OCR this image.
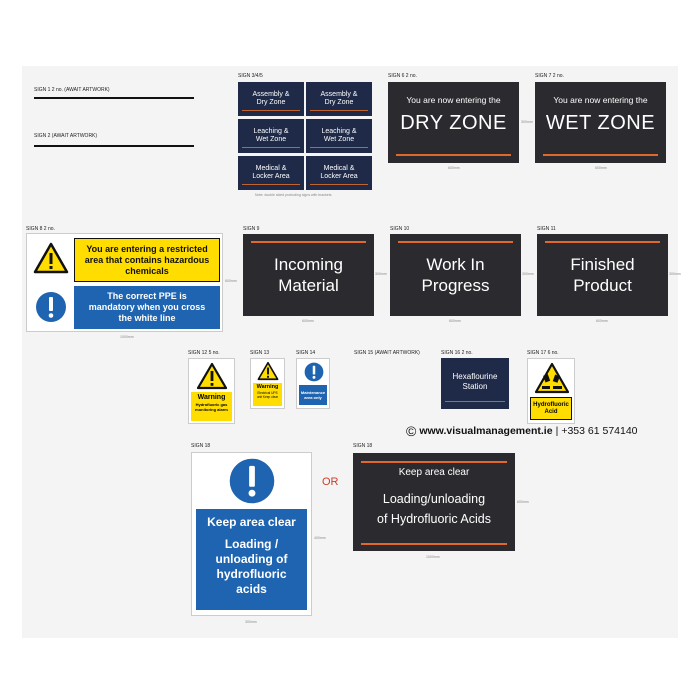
SIGN 1 2 no. (AWAIT ARTWORK)
SIGN 2 (AWAIT ARTWORK)
SIGN 3/4/5
Assembly &
Dry Zone
Assembly &
Dry Zone
Leaching &
Wet Zone
Leaching &
Wet Zone
Medical &
Locker Area
Medical &
Locker Area
Note: double sided protruding signs with brackets
SIGN 6 2 no.
You are now entering the
DRY ZONE
600mm
300mm
SIGN 7 2 no.
You are now entering the
WET ZONE
600mm
SIGN 8 2 no.
You are entering a restricted area that contains hazardous chemicals
The correct PPE is mandatory when you cross the white line
1000mm
600mm
SIGN 9
Incoming
Material
600mm
300mm
SIGN 10
Work In
Progress
600mm
300mm
SIGN 11
Finished
Product
600mm
300mm
SIGN 12 5 no.
Warning
Hydrofluoric gas monitoring alarm
SIGN 13
Warning
Electrical UPS unit Keep clear
SIGN 14
Maintenance area only
SIGN 15 (AWAIT ARTWORK)	SIGN 16 2 no.
Hexaflourine
Station
SIGN 17 6 no.
Hydrofluoric
Acid
© www.visualmanagement.ie | +353 61 574140
SIGN 18
Keep area clear
Loading / unloading of hydrofluoric acids
300mm
400mm
OR
SIGN 18
Keep area clear
Loading/unloading
of Hydrofluoric Acids
1000mm
600mm
